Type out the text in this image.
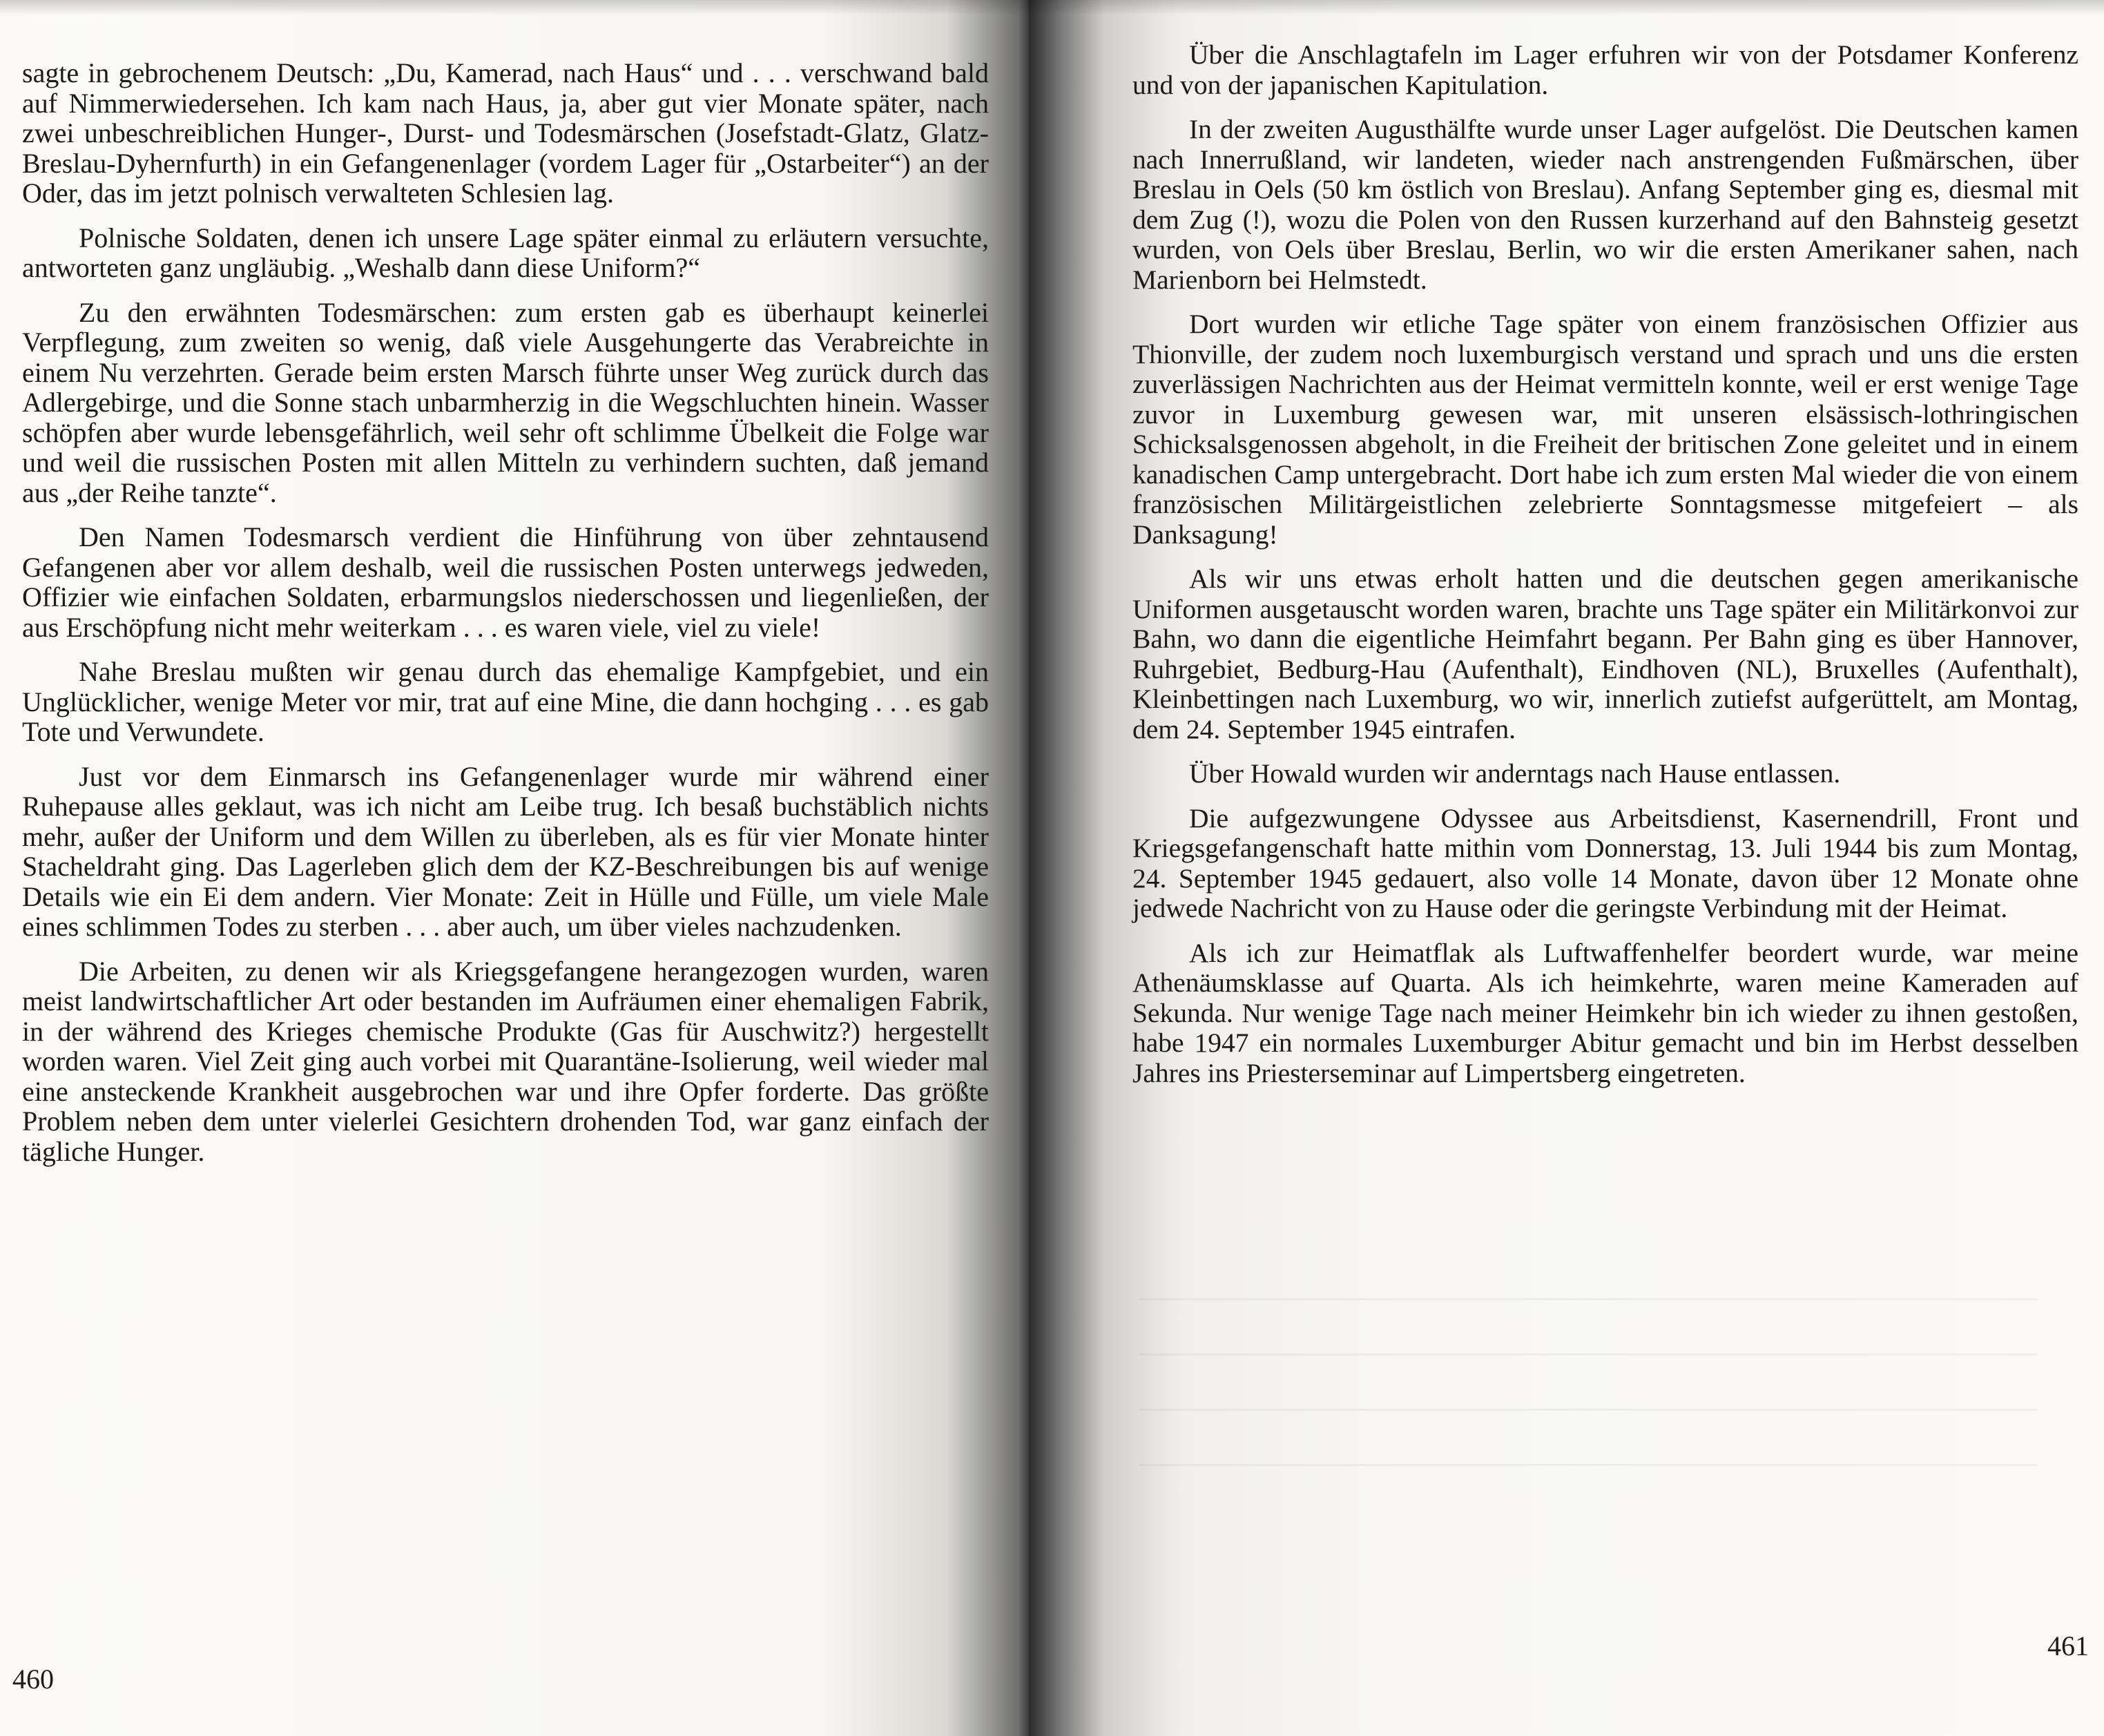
sagte in gebrochenem Deutsch: „Du, Kamerad, nach Haus“ und . . . verschwand bald auf Nimmerwiedersehen. Ich kam nach Haus, ja, aber gut vier Monate später, nach zwei unbeschreiblichen Hunger-, Durst- und Todesmärschen (Josefstadt-Glatz, Glatz-Breslau-Dyhernfurth) in ein Gefangenenlager (vordem Lager für „Ostarbeiter“) an der Oder, das im jetzt polnisch verwalteten Schlesien lag.

Polnische Soldaten, denen ich unsere Lage später einmal zu erläutern versuchte, antworteten ganz ungläubig. „Weshalb dann diese Uniform?“

Zu den erwähnten Todesmärschen: zum ersten gab es überhaupt keinerlei Verpflegung, zum zweiten so wenig, daß viele Ausgehungerte das Verabreichte in einem Nu verzehrten. Gerade beim ersten Marsch führte unser Weg zurück durch das Adlergebirge, und die Sonne stach unbarmherzig in die Wegschluchten hinein. Wasser schöpfen aber wurde lebensgefährlich, weil sehr oft schlimme Übelkeit die Folge war und weil die russischen Posten mit allen Mitteln zu verhindern suchten, daß jemand aus „der Reihe tanzte“.

Den Namen Todesmarsch verdient die Hinführung von über zehntausend Gefangenen aber vor allem deshalb, weil die russischen Posten unterwegs jedweden, Offizier wie einfachen Soldaten, erbarmungslos niederschossen und liegenließen, der aus Erschöpfung nicht mehr weiterkam . . . es waren viele, viel zu viele!

Nahe Breslau mußten wir genau durch das ehemalige Kampfgebiet, und ein Unglücklicher, wenige Meter vor mir, trat auf eine Mine, die dann hochging . . . es gab Tote und Verwundete.

Just vor dem Einmarsch ins Gefangenenlager wurde mir während einer Ruhepause alles geklaut, was ich nicht am Leibe trug. Ich besaß buchstäblich nichts mehr, außer der Uniform und dem Willen zu überleben, als es für vier Monate hinter Stacheldraht ging. Das Lagerleben glich dem der KZ-Beschreibungen bis auf wenige Details wie ein Ei dem andern. Vier Monate: Zeit in Hülle und Fülle, um viele Male eines schlimmen Todes zu sterben . . . aber auch, um über vieles nachzudenken.

Die Arbeiten, zu denen wir als Kriegsgefangene herangezogen wurden, waren meist landwirtschaftlicher Art oder bestanden im Aufräumen einer ehemaligen Fabrik, in der während des Krieges chemische Produkte (Gas für Auschwitz?) hergestellt worden waren. Viel Zeit ging auch vorbei mit Quarantäne-Isolierung, weil wieder mal eine ansteckende Krankheit ausgebrochen war und ihre Opfer forderte. Das größte Problem neben dem unter vielerlei Gesichtern drohenden Tod, war ganz einfach der tägliche Hunger.

460

Über die Anschlagtafeln im Lager erfuhren wir von der Potsdamer Konferenz und von der japanischen Kapitulation.

In der zweiten Augusthälfte wurde unser Lager aufgelöst. Die Deutschen kamen nach Innerrußland, wir landeten, wieder nach anstrengenden Fußmärschen, über Breslau in Oels (50 km östlich von Breslau). Anfang September ging es, diesmal mit dem Zug (!), wozu die Polen von den Russen kurzerhand auf den Bahnsteig gesetzt wurden, von Oels über Breslau, Berlin, wo wir die ersten Amerikaner sahen, nach Marienborn bei Helmstedt.

Dort wurden wir etliche Tage später von einem französischen Offizier aus Thionville, der zudem noch luxemburgisch verstand und sprach und uns die ersten zuverlässigen Nachrichten aus der Heimat vermitteln konnte, weil er erst wenige Tage zuvor in Luxemburg gewesen war, mit unseren elsässisch-lothringischen Schicksalsgenossen abgeholt, in die Freiheit der britischen Zone geleitet und in einem kanadischen Camp untergebracht. Dort habe ich zum ersten Mal wieder die von einem französischen Militärgeistlichen zelebrierte Sonntagsmesse mitgefeiert – als Danksagung!

Als wir uns etwas erholt hatten und die deutschen gegen amerikanische Uniformen ausgetauscht worden waren, brachte uns Tage später ein Militärkonvoi zur Bahn, wo dann die eigentliche Heimfahrt begann. Per Bahn ging es über Hannover, Ruhrgebiet, Bedburg-Hau (Aufenthalt), Eindhoven (NL), Bruxelles (Aufenthalt), Kleinbettingen nach Luxemburg, wo wir, innerlich zutiefst aufgerüttelt, am Montag, dem 24. September 1945 eintrafen.

Über Howald wurden wir anderntags nach Hause entlassen.

Die aufgezwungene Odyssee aus Arbeitsdienst, Kasernendrill, Front und Kriegsgefangenschaft hatte mithin vom Donnerstag, 13. Juli 1944 bis zum Montag, 24. September 1945 gedauert, also volle 14 Monate, davon über 12 Monate ohne jedwede Nachricht von zu Hause oder die geringste Verbindung mit der Heimat.

Als ich zur Heimatflak als Luftwaffenhelfer beordert wurde, war meine Athenäumsklasse auf Quarta. Als ich heimkehrte, waren meine Kameraden auf Sekunda. Nur wenige Tage nach meiner Heimkehr bin ich wieder zu ihnen gestoßen, habe 1947 ein normales Luxemburger Abitur gemacht und bin im Herbst desselben Jahres ins Priesterseminar auf Limpertsberg eingetreten.

461
